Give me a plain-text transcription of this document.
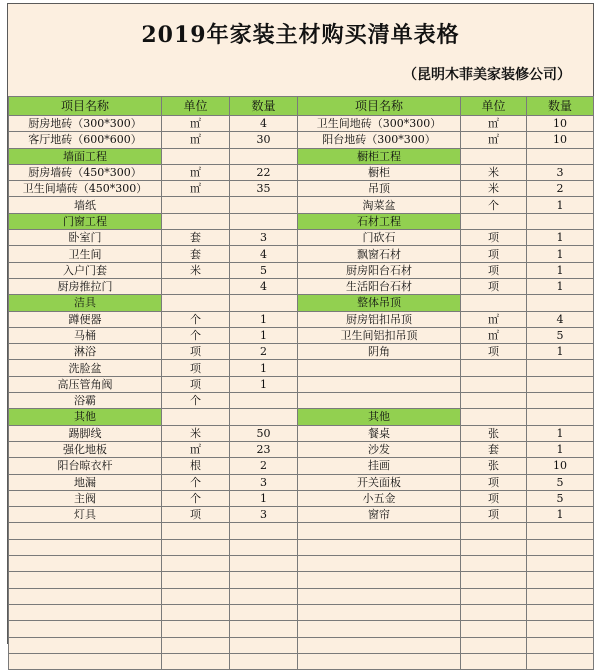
2019年家装主材购买清单表格
（昆明木菲美家装修公司）
项目名称	单位	数量	项目名称	单位	数量
厨房地砖（300*300）	㎡	4	卫生间地砖（300*300）	㎡	10
客厅地砖（600*600）	㎡	30	阳台地砖（300*300）	㎡	10
墙面工程			橱柜工程		
厨房墙砖（450*300）	㎡	22	橱柜	米	3
卫生间墙砖（450*300）	㎡	35	吊顶	米	2
墙纸			淘菜盆	个	1
门窗工程			石材工程		
卧室门	套	3	门砍石	项	1
卫生间	套	4	飘窗石材	项	1
入户门套	米	5	厨房阳台石材	项	1
厨房推拉门		4	生活阳台石材	项	1
洁具			整体吊顶		
蹲便器	个	1	厨房铝扣吊顶	㎡	4
马桶	个	1	卫生间铝扣吊顶	㎡	5
淋浴	项	2	阴角	项	1
洗脸盆	项	1			
高压管角阀	项	1			
浴霸	个				
其他			其他		
踢脚线	米	50	餐桌	张	1
强化地板	㎡	23	沙发	套	1
阳台晾衣杆	根	2	挂画	张	10
地漏	个	3	开关面板	项	5
主阀	个	1	小五金	项	5
灯具	项	3	窗帘	项	1
